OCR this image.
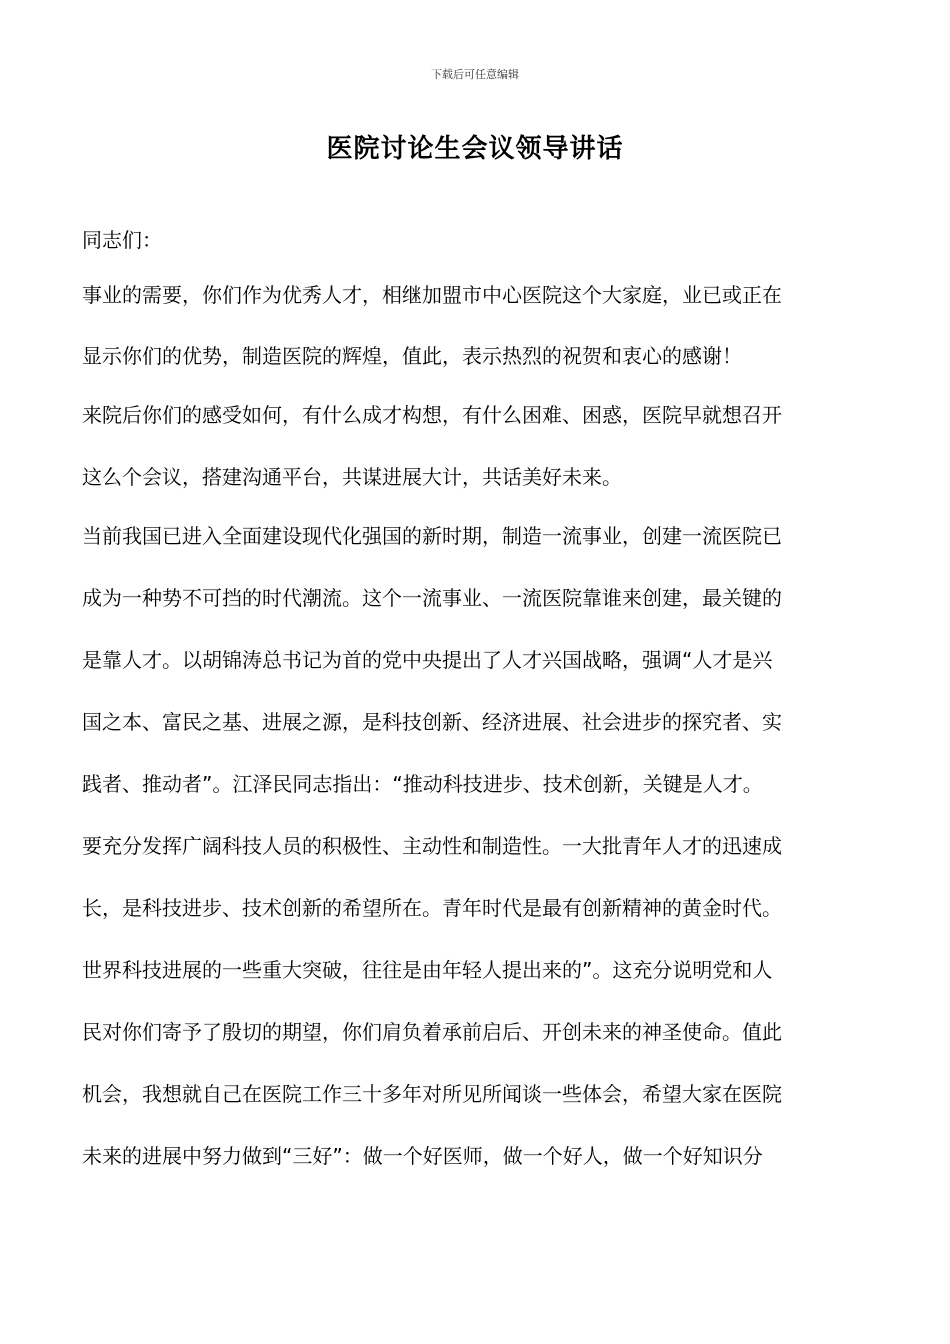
下载后可任意编辑
医院讨论生会议领导讲话
同志们：
事业的需要，你们作为优秀人才，相继加盟市中心医院这个大家庭，业已或正在
显示你们的优势，制造医院的辉煌，值此，表示热烈的祝贺和衷心的感谢！
来院后你们的感受如何，有什么成才构想，有什么困难、困惑，医院早就想召开
这么个会议，搭建沟通平台，共谋进展大计，共话美好未来。
当前我国已进入全面建设现代化强国的新时期，制造一流事业，创建一流医院已
成为一种势不可挡的时代潮流。这个一流事业、一流医院靠谁来创建，最关键的
是靠人才。以胡锦涛总书记为首的党中央提出了人才兴国战略，强调“人才是兴
国之本、富民之基、进展之源，是科技创新、经济进展、社会进步的探究者、实
践者、推动者”。江泽民同志指出：“推动科技进步、技术创新，关键是人才。
要充分发挥广阔科技人员的积极性、主动性和制造性。一大批青年人才的迅速成
长，是科技进步、技术创新的希望所在。青年时代是最有创新精神的黄金时代。
世界科技进展的一些重大突破，往往是由年轻人提出来的”。这充分说明党和人
民对你们寄予了殷切的期望，你们肩负着承前启后、开创未来的神圣使命。值此
机会，我想就自己在医院工作三十多年对所见所闻谈一些体会，希望大家在医院
未来的进展中努力做到“三好”：做一个好医师，做一个好人，做一个好知识分
